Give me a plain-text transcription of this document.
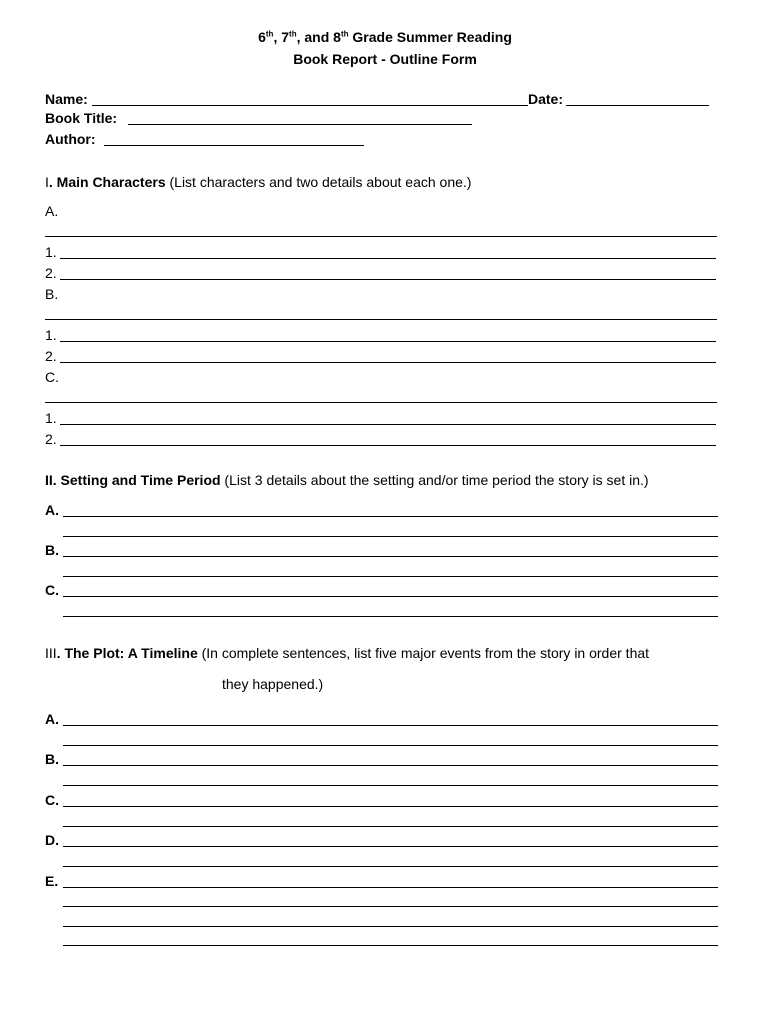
6th, 7th, and 8th Grade Summer Reading
Book Report - Outline Form
Name:	Date:
Book Title:
Author:
I. Main Characters (List characters and two details about each one.)
A.
1.
2.
B.
1.
2.
C.
1.
2.
II. Setting and Time Period (List 3 details about the setting and/or time period the story is set in.)
A.
B.
C.
III. The Plot: A Timeline (In complete sentences, list five major events from the story in order that
they happened.)
A.
B.
C.
D.
E.
